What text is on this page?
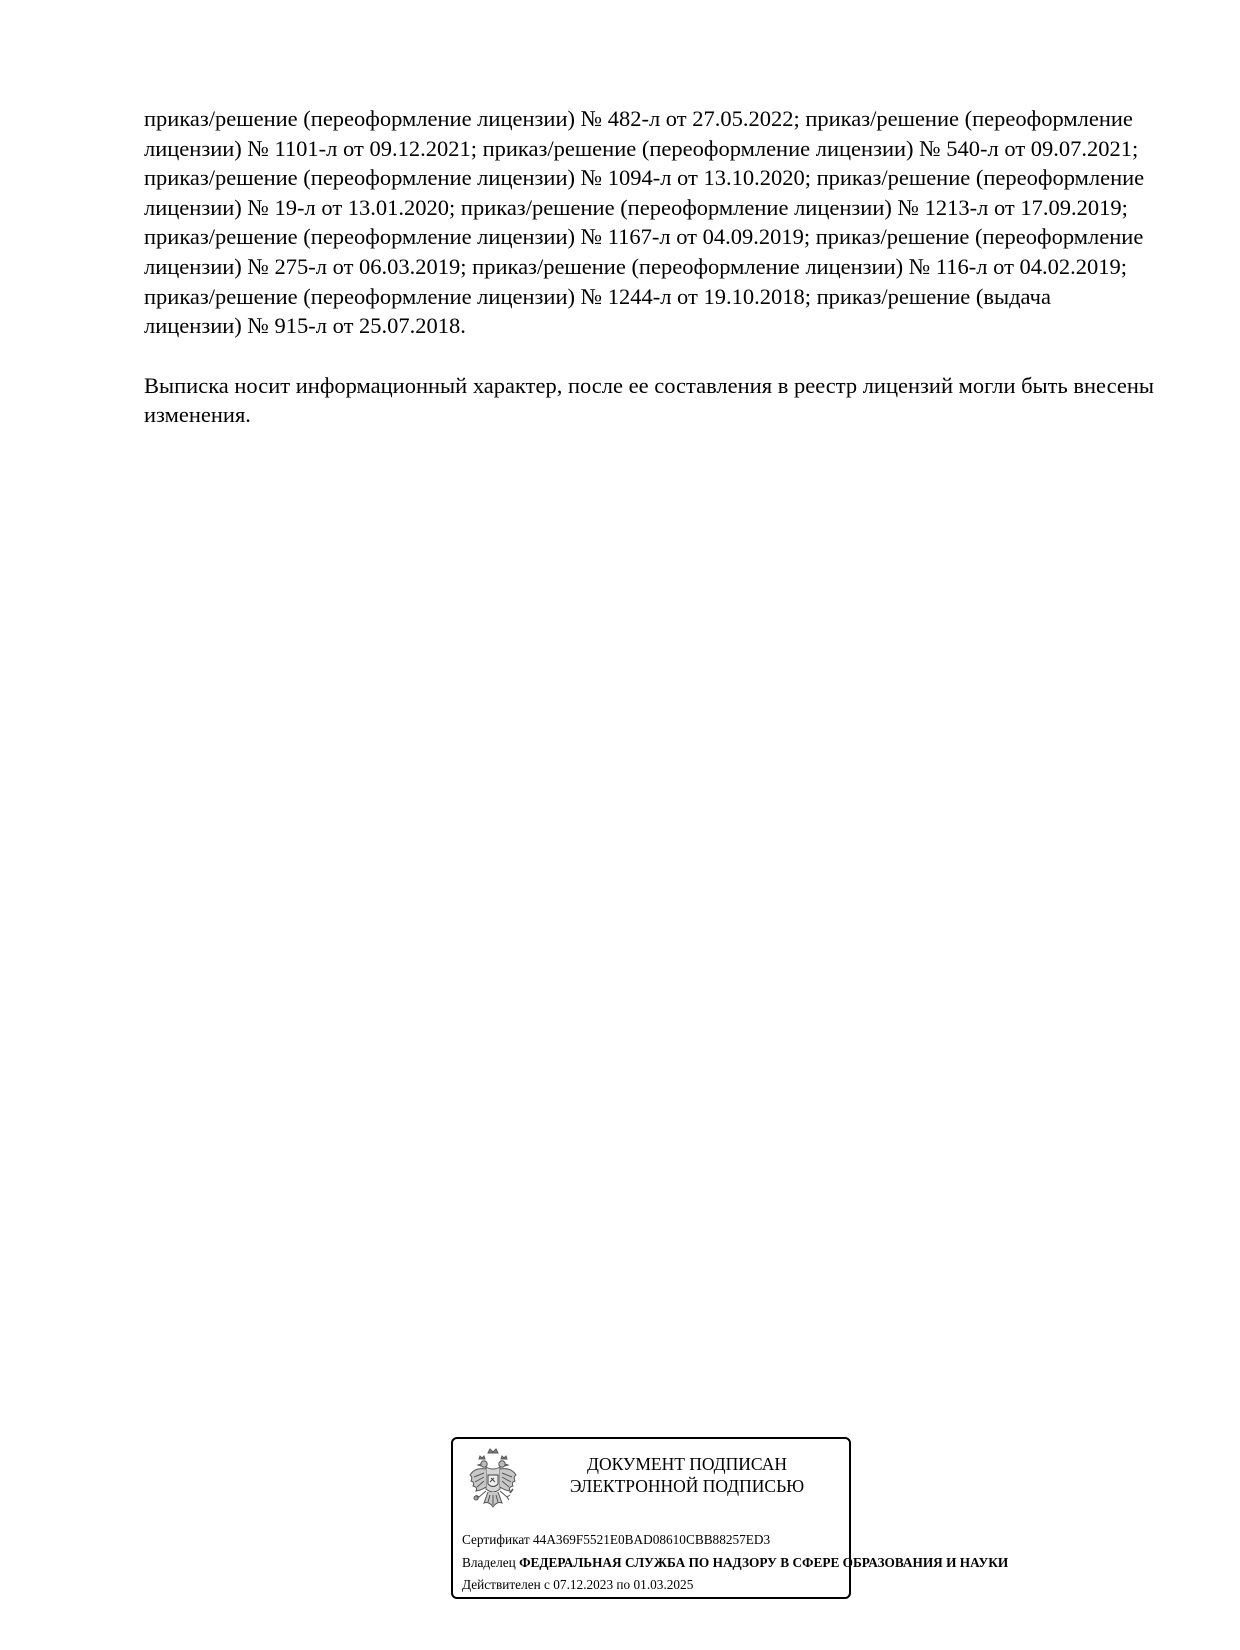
приказ/решение (переоформление лицензии) № 482-л от 27.05.2022; приказ/решение (переоформление лицензии) № 1101-л от 09.12.2021; приказ/решение (переоформление лицензии) № 540-л от 09.07.2021; приказ/решение (переоформление лицензии) № 1094-л от 13.10.2020; приказ/решение (переоформление лицензии) № 19-л от 13.01.2020; приказ/решение (переоформление лицензии) № 1213-л от 17.09.2019; приказ/решение (переоформление лицензии) № 1167-л от 04.09.2019; приказ/решение (переоформление лицензии) № 275-л от 06.03.2019; приказ/решение (переоформление лицензии) № 116-л от 04.02.2019; приказ/решение (переоформление лицензии) № 1244-л от 19.10.2018; приказ/решение (выдача лицензии) № 915-л от 25.07.2018.

Выписка носит информационный характер, после ее составления в реестр лицензий могли быть внесены изменения.

ДОКУМЕНТ ПОДПИСАН
ЭЛЕКТРОННОЙ ПОДПИСЬЮ
Сертификат 44A369F5521E0BAD08610CBB88257ED3
Владелец ФЕДЕРАЛЬНАЯ СЛУЖБА ПО НАДЗОРУ В СФЕРЕ ОБРАЗОВАНИЯ И НАУКИ
Действителен с 07.12.2023 по 01.03.2025
